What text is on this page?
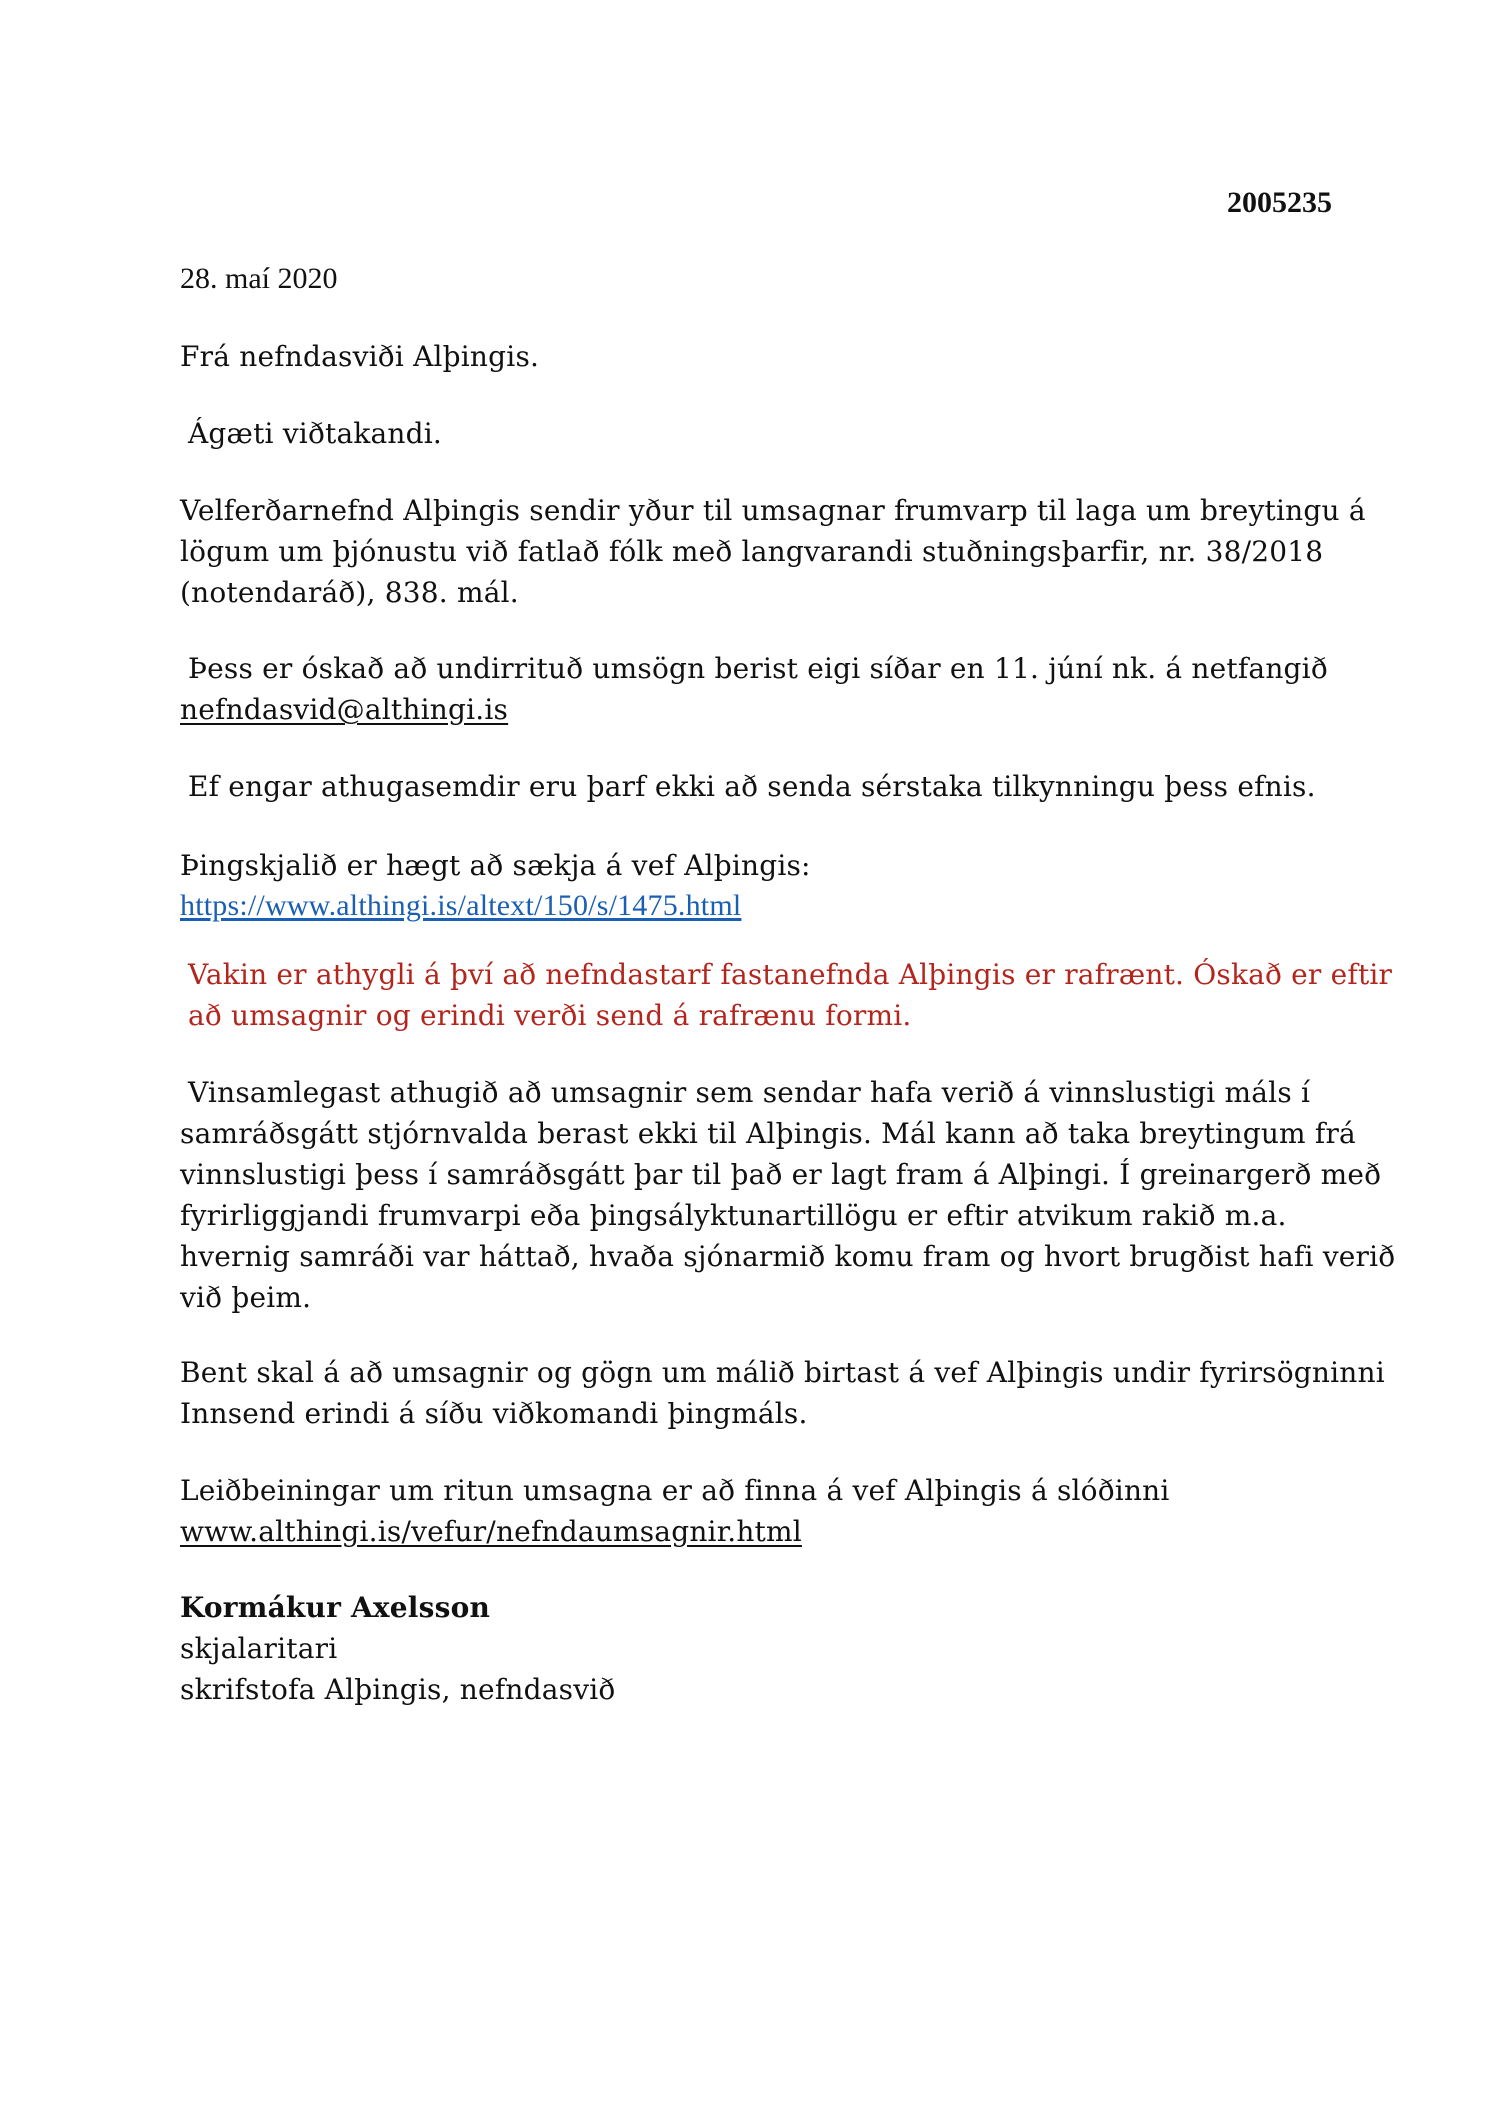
2005235
28. maí 2020
Frá nefndasviði Alþingis.
Ágæti viðtakandi.
Velferðarnefnd Alþingis sendir yður til umsagnar frumvarp til laga um breytingu á
lögum um þjónustu við fatlað fólk með langvarandi stuðningsþarfir, nr. 38/2018
(notendaráð), 838. mál.
Þess er óskað að undirrituð umsögn berist eigi síðar en 11. júní nk. á netfangið
nefndasvid@althingi.is
Ef engar athugasemdir eru þarf ekki að senda sérstaka tilkynningu þess efnis.
Þingskjalið er hægt að sækja á vef Alþingis:
https://www.althingi.is/altext/150/s/1475.html
Vakin er athygli á því að nefndastarf fastanefnda Alþingis er rafrænt. Óskað er eftir
að umsagnir og erindi verði send á rafrænu formi.
Vinsamlegast athugið að umsagnir sem sendar hafa verið á vinnslustigi máls í
samráðsgátt stjórnvalda berast ekki til Alþingis. Mál kann að taka breytingum frá
vinnslustigi þess í samráðsgátt þar til það er lagt fram á Alþingi. Í greinargerð með
fyrirliggjandi frumvarpi eða þingsályktunartillögu er eftir atvikum rakið m.a.
hvernig samráði var háttað, hvaða sjónarmið komu fram og hvort brugðist hafi verið
við þeim.
Bent skal á að umsagnir og gögn um málið birtast á vef Alþingis undir fyrirsögninni
Innsend erindi á síðu viðkomandi þingmáls.
Leiðbeiningar um ritun umsagna er að finna á vef Alþingis á slóðinni
www.althingi.is/vefur/nefndaumsagnir.html
Kormákur Axelsson
skjalaritari
skrifstofa Alþingis, nefndasvið
